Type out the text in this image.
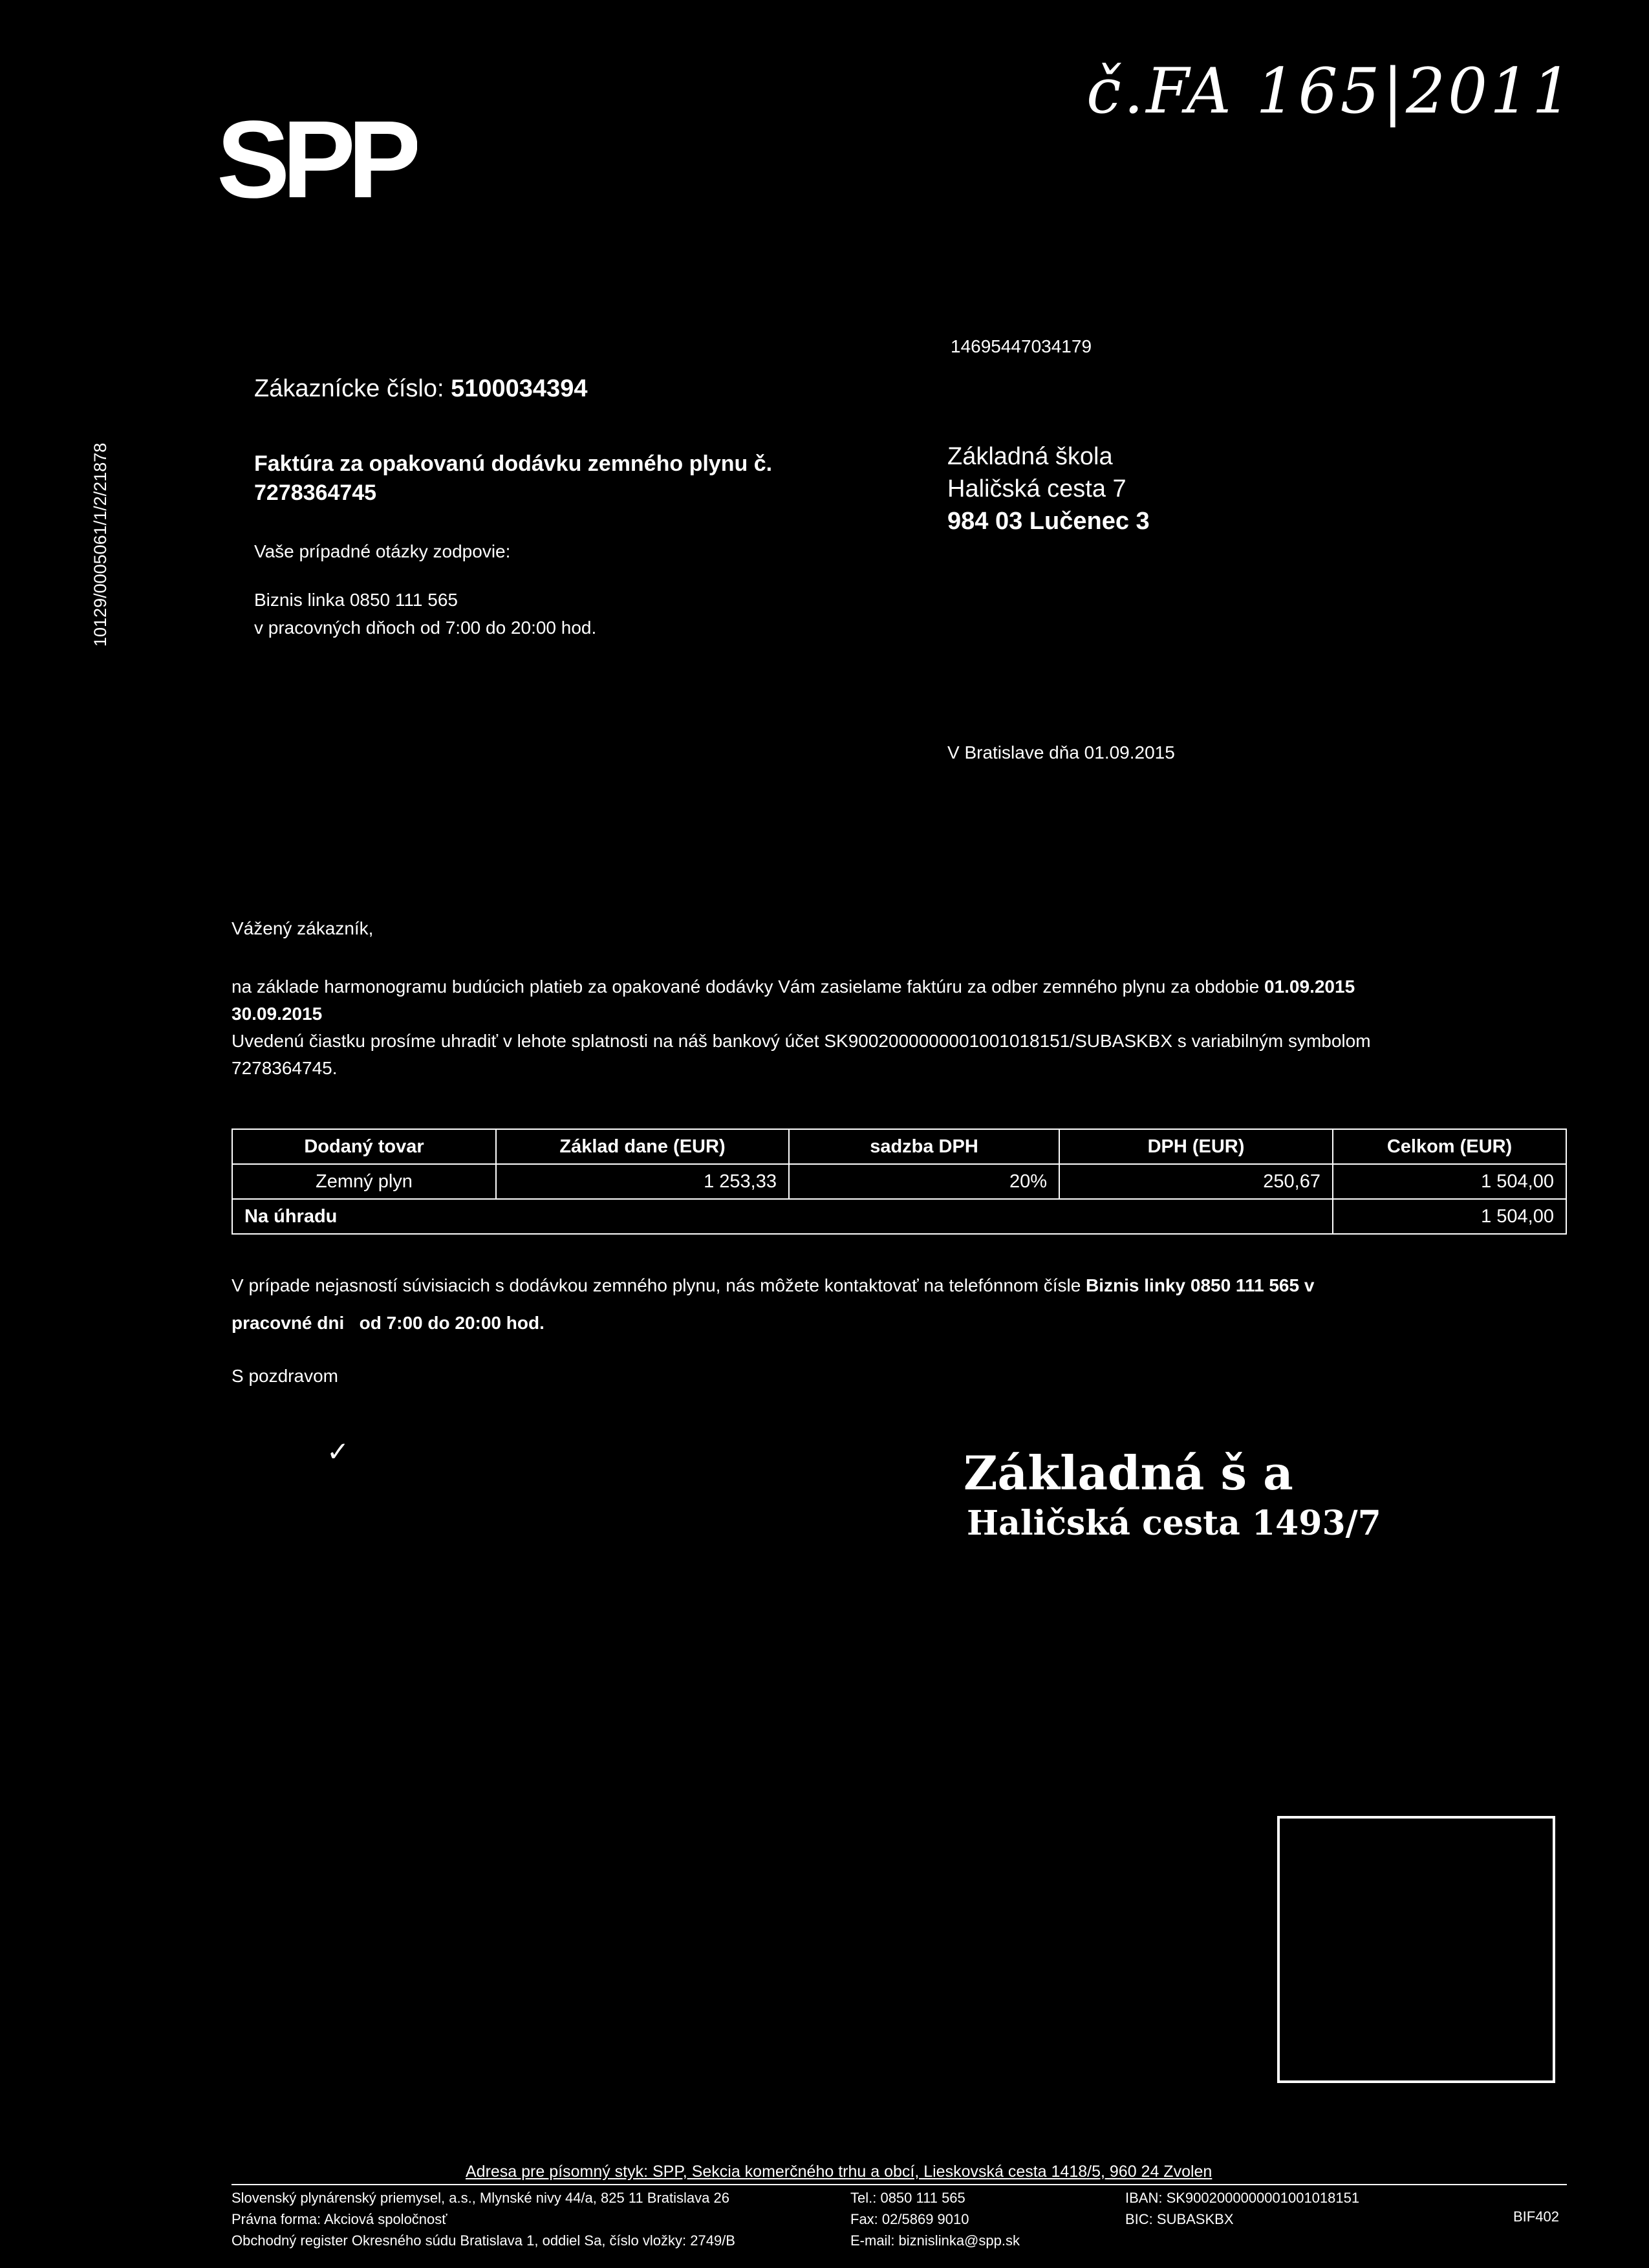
SPP
č.FA 165|2011
10129/0005061/1/2/21878
14695447034179
Zákaznícke číslo: 5100034394
Faktúra za opakovanú dodávku zemného plynu č.
7278364745
Vaše prípadné otázky zodpovie:
Biznis linka 0850 111 565
v pracovných dňoch od 7:00 do 20:00 hod.
Základná škola
Haličská cesta 7
984 03 Lučenec 3
V Bratislave dňa 01.09.2015
Vážený zákazník,
na základe harmonogramu budúcich platieb za opakované dodávky Vám zasielame faktúru za odber zemného plynu za obdobie 01.09.2015
30.09.2015
Uvedenú čiastku prosíme uhradiť v lehote splatnosti na náš bankový účet SK900200000000100101815​1/SUBASKBX s variabilným symbolom
7278364745.
Dodaný tovar	Základ dane (EUR)	sadzba DPH	DPH (EUR)	Celkom (EUR)
Zemný plyn	1 253,33	20%	250,67	1 504,00
Na úhradu				1 504,00
V prípade nejasností súvisiacich s dodávkou zemného plynu, nás môžete kontaktovať na telefónnom čísle Biznis linky 0850 111 565 v
pracovné dni   od 7:00 do 20:00 hod.
S pozdravom
✓	Základná š a
Haličská cesta 1493/7
Adresa pre písomný styk: SPP, Sekcia komerčného trhu a obcí, Lieskovská cesta 1418/5, 960 24 Zvolen
Slovenský plynárenský priemysel, a.s., Mlynské nivy 44/a, 825 11 Bratislava 26
Právna forma: Akciová spoločnosť
Obchodný register Okresného súdu Bratislava 1, oddiel Sa, číslo vložky: 2749/B
Tel.: 0850 111 565
Fax: 02/5869 9010
E-mail: biznislinka@spp.sk
IBAN: SK9002000000001001018151
BIC: SUBASKBX	BIF402
